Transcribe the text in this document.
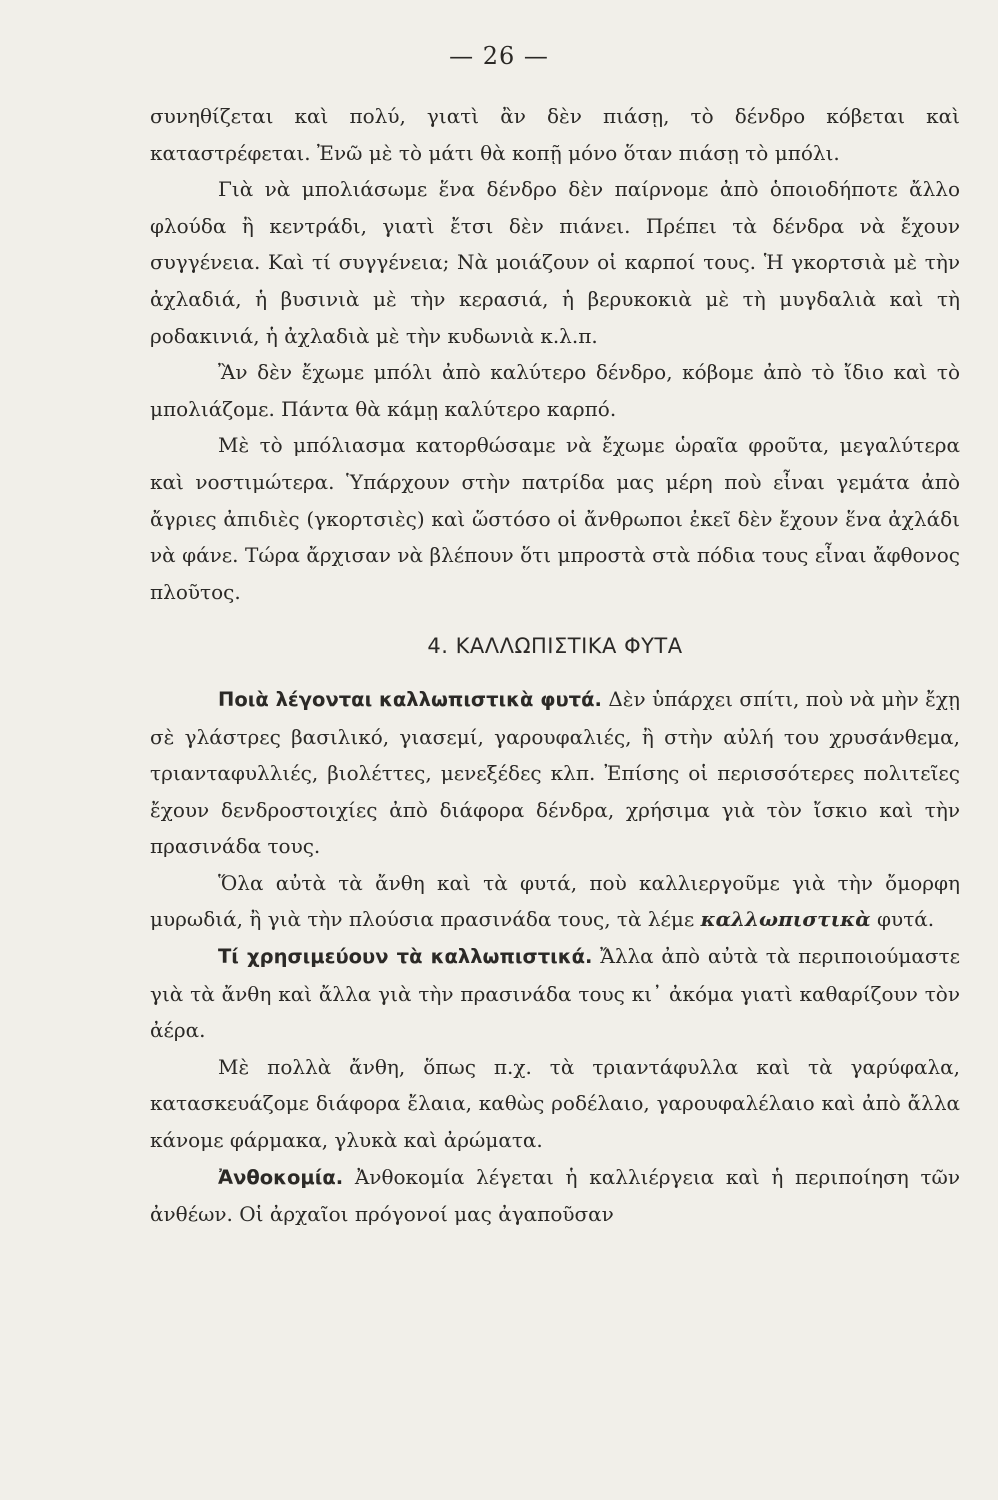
— 26 —

συνηθίζεται καὶ πολύ, γιατὶ ἂν δὲν πιάσῃ, τὸ δένδρο κόβεται καὶ καταστρέφεται. Ἐνῶ μὲ τὸ μάτι θὰ κοπῇ μόνο ὅταν πιάσῃ τὸ μπόλι.

Γιὰ νὰ μπολιάσωμε ἕνα δένδρο δὲν παίρνομε ἀπὸ ὁποιοδήποτε ἄλλο φλούδα ἢ κεντράδι, γιατὶ ἔτσι δὲν πιάνει. Πρέπει τὰ δένδρα νὰ ἔχουν συγγένεια. Καὶ τί συγγένεια; Νὰ μοιάζουν οἱ καρποί τους. Ἡ γκορτσιὰ μὲ τὴν ἀχλαδιά, ἡ βυσινιὰ μὲ τὴν κερασιά, ἡ βερυκοκιὰ μὲ τὴ μυγδαλιὰ καὶ τὴ ροδακινιά, ἡ ἀχλαδιὰ μὲ τὴν κυδωνιὰ κ.λ.π.

Ἂν δὲν ἔχωμε μπόλι ἀπὸ καλύτερο δένδρο, κόβομε ἀπὸ τὸ ἴδιο καὶ τὸ μπολιάζομε. Πάντα θὰ κάμῃ καλύτερο καρπό.

Μὲ τὸ μπόλιασμα κατορθώσαμε νὰ ἔχωμε ὡραῖα φροῦτα, μεγαλύτερα καὶ νοστιμώτερα. Ὑπάρχουν στὴν πατρίδα μας μέρη ποὺ εἶναι γεμάτα ἀπὸ ἄγριες ἀπιδιὲς (γκορτσιὲς) καὶ ὥστόσο οἱ ἄνθρωποι ἐκεῖ δὲν ἔχουν ἕνα ἀχλάδι νὰ φάνε. Τώρα ἄρχισαν νὰ βλέπουν ὅτι μπροστὰ στὰ πόδια τους εἶναι ἄφθονος πλοῦτος.

4. ΚΑΛΛΩΠΙΣΤΙΚΑ ΦΥΤΑ

Ποιὰ λέγονται καλλωπιστικὰ φυτά. Δὲν ὑπάρχει σπίτι, ποὺ νὰ μὴν ἔχῃ σὲ γλάστρες βασιλικό, γιασεμί, γαρουφαλιές, ἢ στὴν αὐλή του χρυσάνθεμα, τριανταφυλλιές, βιολέττες, μενεξέδες κλπ. Ἐπίσης οἱ περισσότερες πολιτεῖες ἔχουν δενδροστοιχίες ἀπὸ διάφορα δένδρα, χρήσιμα γιὰ τὸν ἴσκιο καὶ τὴν πρασινάδα τους.

Ὅλα αὐτὰ τὰ ἄνθη καὶ τὰ φυτά, ποὺ καλλιεργοῦμε γιὰ τὴν ὄμορφη μυρωδιά, ἢ γιὰ τὴν πλούσια πρασινάδα τους, τὰ λέμε καλλωπιστικὰ φυτά.

Τί χρησιμεύουν τὰ καλλωπιστικά. Ἄλλα ἀπὸ αὐτὰ τὰ περιποιούμαστε γιὰ τὰ ἄνθη καὶ ἄλλα γιὰ τὴν πρασινάδα τους κι᾽ ἀκόμα γιατὶ καθαρίζουν τὸν ἀέρα.

Μὲ πολλὰ ἄνθη, ὅπως π.χ. τὰ τριαντάφυλλα καὶ τὰ γαρύφαλα, κατασκευάζομε διάφορα ἔλαια, καθὼς ροδέλαιο, γαρουφαλέλαιο καὶ ἀπὸ ἄλλα κάνομε φάρμακα, γλυκὰ καὶ ἀρώματα.

Ἀνθοκομία. Ἀνθοκομία λέγεται ἡ καλλιέργεια καὶ ἡ περιποίηση τῶν ἀνθέων. Οἱ ἀρχαῖοι πρόγονοί μας ἀγαποῦσαν
